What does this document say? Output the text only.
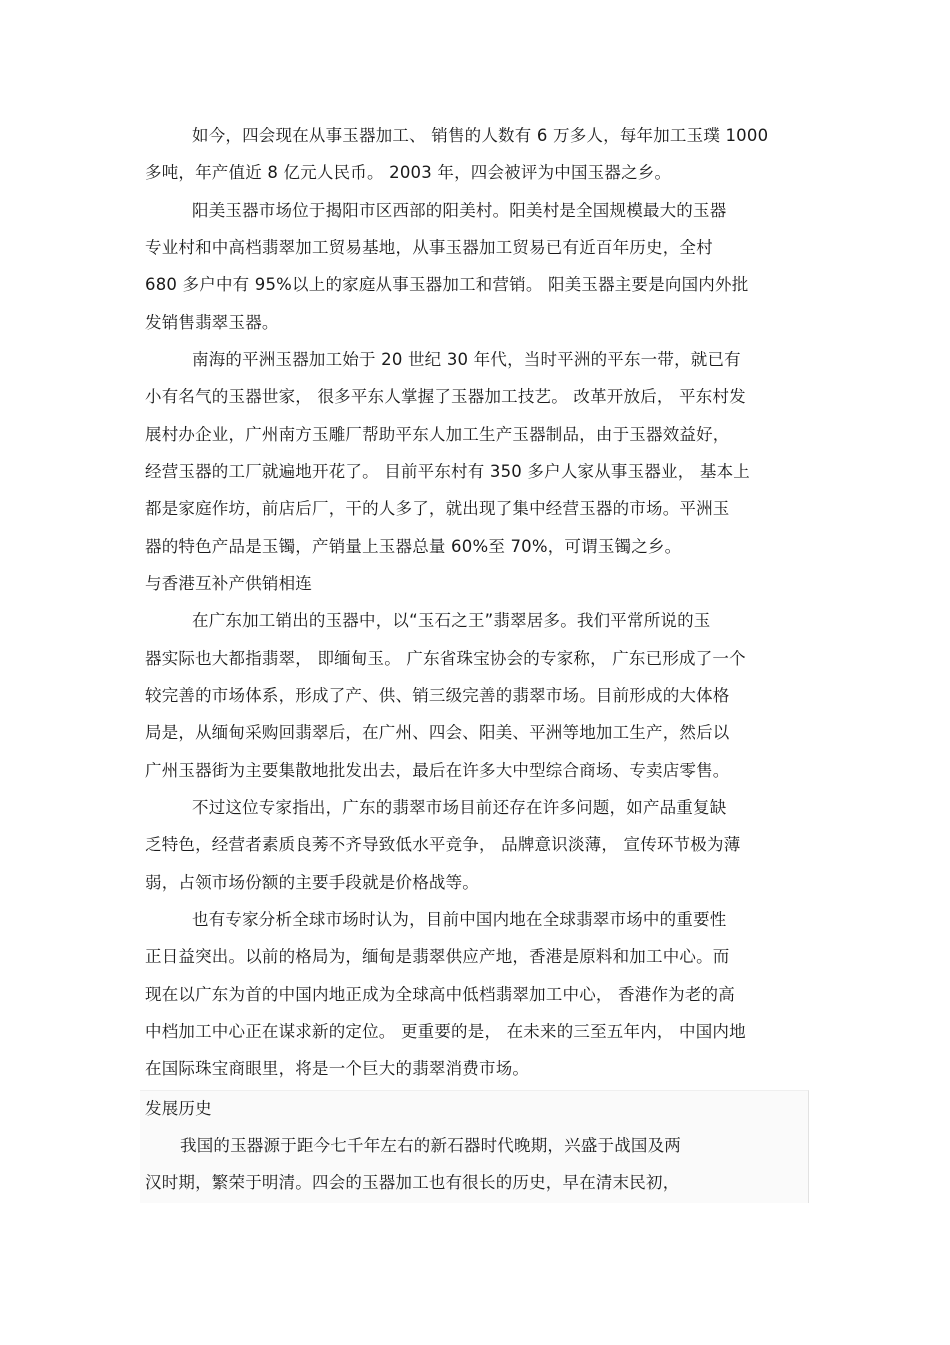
如今，四会现在从事玉器加工、 销售的人数有 6 万多人，每年加工玉璞 1000
多吨，年产值近 8 亿元人民币。 2003 年，四会被评为中国玉器之乡。
阳美玉器市场位于揭阳市区西部的阳美村。阳美村是全国规模最大的玉器
专业村和中高档翡翠加工贸易基地，从事玉器加工贸易已有近百年历史，全村
680 多户中有 95%以上的家庭从事玉器加工和营销。 阳美玉器主要是向国内外批
发销售翡翠玉器。
南海的平洲玉器加工始于 20 世纪 30 年代，当时平洲的平东一带，就已有
小有名气的玉器世家， 很多平东人掌握了玉器加工技艺。 改革开放后， 平东村发
展村办企业，广州南方玉雕厂帮助平东人加工生产玉器制品，由于玉器效益好，
经营玉器的工厂就遍地开花了。 目前平东村有 350 多户人家从事玉器业， 基本上
都是家庭作坊，前店后厂，干的人多了，就出现了集中经营玉器的市场。平洲玉
器的特色产品是玉镯，产销量上玉器总量 60%至 70%，可谓玉镯之乡。
与香港互补产供销相连
在广东加工销出的玉器中，以“玉石之王”翡翠居多。我们平常所说的玉
器实际也大都指翡翠， 即缅甸玉。 广东省珠宝协会的专家称， 广东已形成了一个
较完善的市场体系，形成了产、供、销三级完善的翡翠市场。目前形成的大体格
局是，从缅甸采购回翡翠后，在广州、四会、阳美、平洲等地加工生产，然后以
广州玉器街为主要集散地批发出去，最后在许多大中型综合商场、专卖店零售。
不过这位专家指出，广东的翡翠市场目前还存在许多问题，如产品重复缺
乏特色，经营者素质良莠不齐导致低水平竞争， 品牌意识淡薄， 宣传环节极为薄
弱，占领市场份额的主要手段就是价格战等。
也有专家分析全球市场时认为，目前中国内地在全球翡翠市场中的重要性
正日益突出。以前的格局为，缅甸是翡翠供应产地，香港是原料和加工中心。而
现在以广东为首的中国内地正成为全球高中低档翡翠加工中心， 香港作为老的高
中档加工中心正在谋求新的定位。 更重要的是， 在未来的三至五年内， 中国内地
在国际珠宝商眼里，将是一个巨大的翡翠消费市场。
发展历史
我国的玉器源于距今七千年左右的新石器时代晚期，兴盛于战国及两
汉时期，繁荣于明清。四会的玉器加工也有很长的历史，早在清末民初，
